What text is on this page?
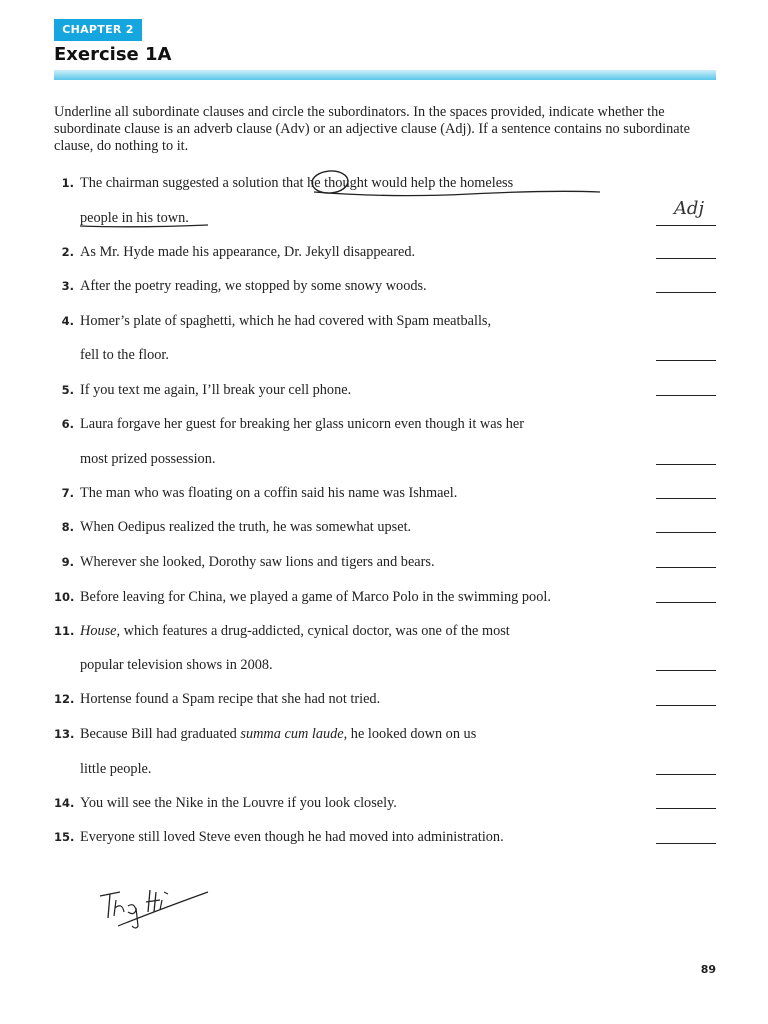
CHAPTER 2
Exercise 1A
Underline all subordinate clauses and circle the subordinators. In the spaces provided, indicate whether the subordinate clause is an adverb clause (Adv) or an adjective clause (Adj). If a sentence contains no subordinate clause, do nothing to it.
1. The chairman suggested a solution that he thought would help the homeless
people in his town.	Adj
2. As Mr. Hyde made his appearance, Dr. Jekyll disappeared.
3. After the poetry reading, we stopped by some snowy woods.
4. Homer’s plate of spaghetti, which he had covered with Spam meatballs,
fell to the floor.
5. If you text me again, I’ll break your cell phone.
6. Laura forgave her guest for breaking her glass unicorn even though it was her
most prized possession.
7. The man who was floating on a coffin said his name was Ishmael.
8. When Oedipus realized the truth, he was somewhat upset.
9. Wherever she looked, Dorothy saw lions and tigers and bears.
10. Before leaving for China, we played a game of Marco Polo in the swimming pool.
11. House, which features a drug-addicted, cynical doctor, was one of the most
popular television shows in 2008.
12. Hortense found a Spam recipe that she had not tried.
13. Because Bill had graduated summa cum laude, he looked down on us
little people.
14. You will see the Nike in the Louvre if you look closely.
15. Everyone still loved Steve even though he had moved into administration.
89
